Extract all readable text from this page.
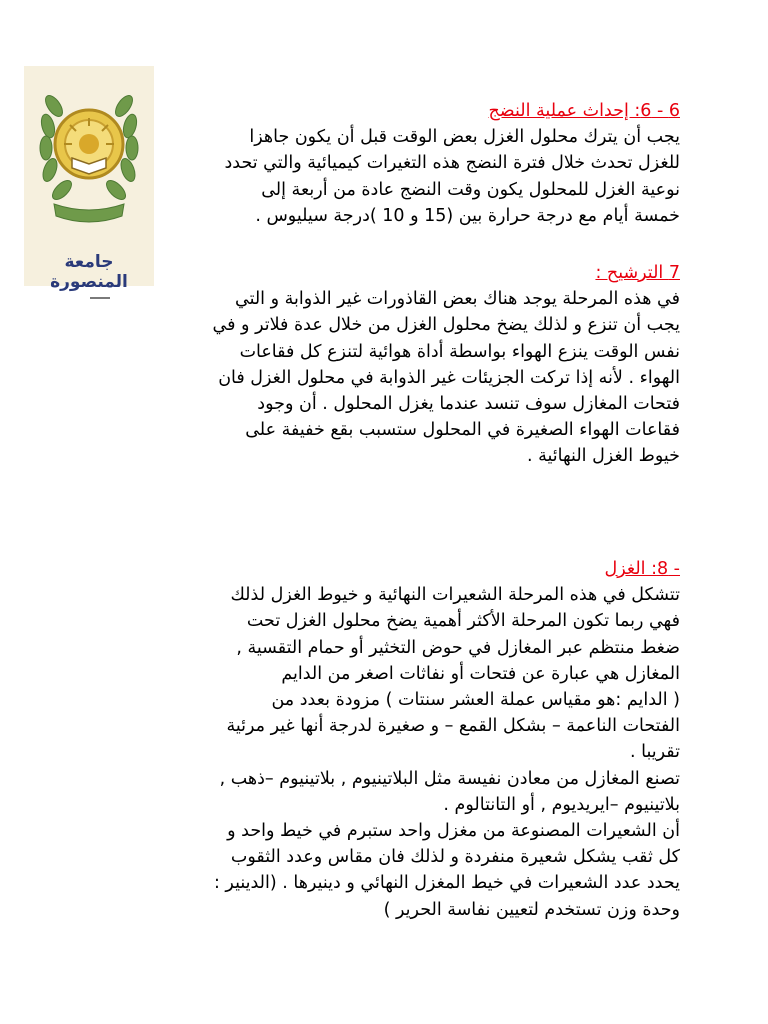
جامعة المنصورة
6 - 6: إحداث عملية النضج
يجب أن يترك محلول الغزل بعض الوقت قبل أن يكون جاهزا
للغزل تحدث خلال فترة النضج هذه التغيرات كيميائية والتي تحدد
نوعية الغزل للمحلول يكون وقت النضج عادة من أربعة إلى
خمسة أيام مع درجة حرارة بين (15 و 10 )درجة سيليوس .
7 الترشيح :
في هذه المرحلة يوجد هناك بعض القاذورات غير الذوابة و التي
يجب أن تنزع و لذلك يضخ محلول الغزل من خلال عدة فلاتر و في
نفس الوقت ينزع الهواء بواسطة أداة هوائية لتنزع كل فقاعات
الهواء . لأنه إذا تركت الجزيئات غير الذوابة في محلول الغزل فان
فتحات المغازل سوف تنسد عندما يغزل المحلول . أن وجود
فقاعات الهواء الصغيرة في المحلول ستسبب بقع خفيفة على
خيوط الغزل النهائية .
- 8: الغزل
تتشكل في هذه المرحلة الشعيرات النهائية و خيوط الغزل لذلك
فهي ربما تكون المرحلة الأكثر أهمية يضخ محلول الغزل تحت
ضغط منتظم عبر المغازل في حوض التخثير أو حمام التقسية ,
المغازل هي عبارة عن فتحات أو نفاثات اصغر من الدايم
( الدايم :هو مقياس عملة العشر سنتات ) مزودة بعدد من
الفتحات الناعمة – بشكل القمع – و صغيرة لدرجة أنها غير مرئية
تقريبا .
تصنع المغازل من معادن نفيسة مثل البلاتينيوم , بلاتينيوم –ذهب ,
بلاتينيوم –ايريديوم , أو التانتالوم .
أن الشعيرات المصنوعة من مغزل واحد ستبرم في خيط واحد و
كل ثقب يشكل شعيرة منفردة و لذلك فان مقاس وعدد الثقوب
يحدد عدد الشعيرات في خيط المغزل النهائي و دينيرها . (الدينير :
وحدة وزن تستخدم لتعيين نفاسة الحرير )
